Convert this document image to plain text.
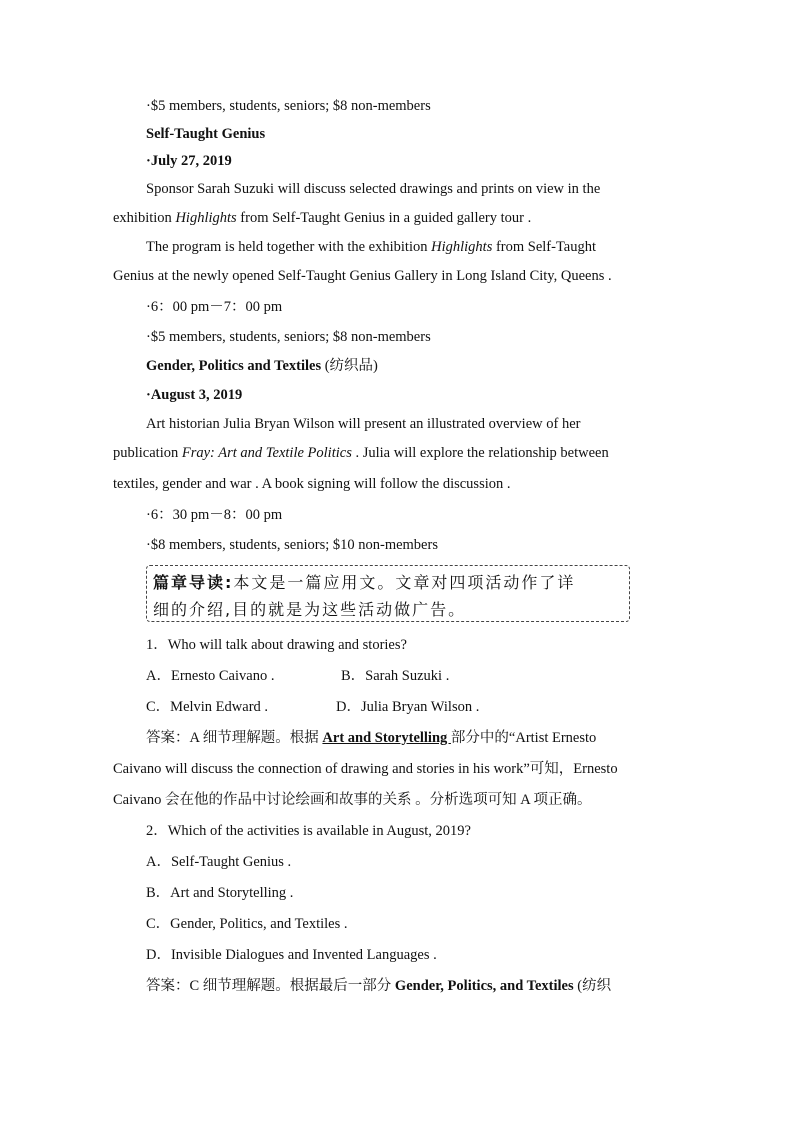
·$5 members, students, seniors; $8 non-members
Self-Taught Genius
·July 27, 2019
Sponsor Sarah Suzuki will discuss selected drawings and prints on view in the
exhibition Highlights from Self-Taught Genius in a guided gallery tour .
The program is held together with the exhibition Highlights from Self-Taught
Genius at the newly opened Self-Taught Genius Gallery in Long Island City, Queens .
·6：00 pm－7：00 pm
·$5 members, students, seniors; $8 non-members
Gender, Politics and Textiles (纺织品)
·August 3, 2019
Art historian Julia Bryan Wilson will present an illustrated overview of her
publication Fray: Art and Textile Politics . Julia will explore the relationship between
textiles, gender and war . A book signing will follow the discussion .
·6：30 pm－8：00 pm
·$8 members, students, seniors; $10 non-members
篇章导读:本文是一篇应用文。文章对四项活动作了详
细的介绍,目的就是为这些活动做广告。
1．Who will talk about drawing and stories?
A．Ernesto Caivano .	B．Sarah Suzuki .
C．Melvin Edward .	D．Julia Bryan Wilson .
答案：A 细节理解题。根据 Art and Storytelling 部分中的“Artist Ernesto
Caivano will discuss the connection of drawing and stories in his work”可知，Ernesto
Caivano 会在他的作品中讨论绘画和故事的关系 。分析选项可知 A 项正确。
2．Which of the activities is available in August, 2019?
A．Self-Taught Genius .
B．Art and Storytelling .
C．Gender, Politics, and Textiles .
D．Invisible Dialogues and Invented Languages .
答案：C 细节理解题。根据最后一部分 Gender, Politics, and Textiles (纺织
